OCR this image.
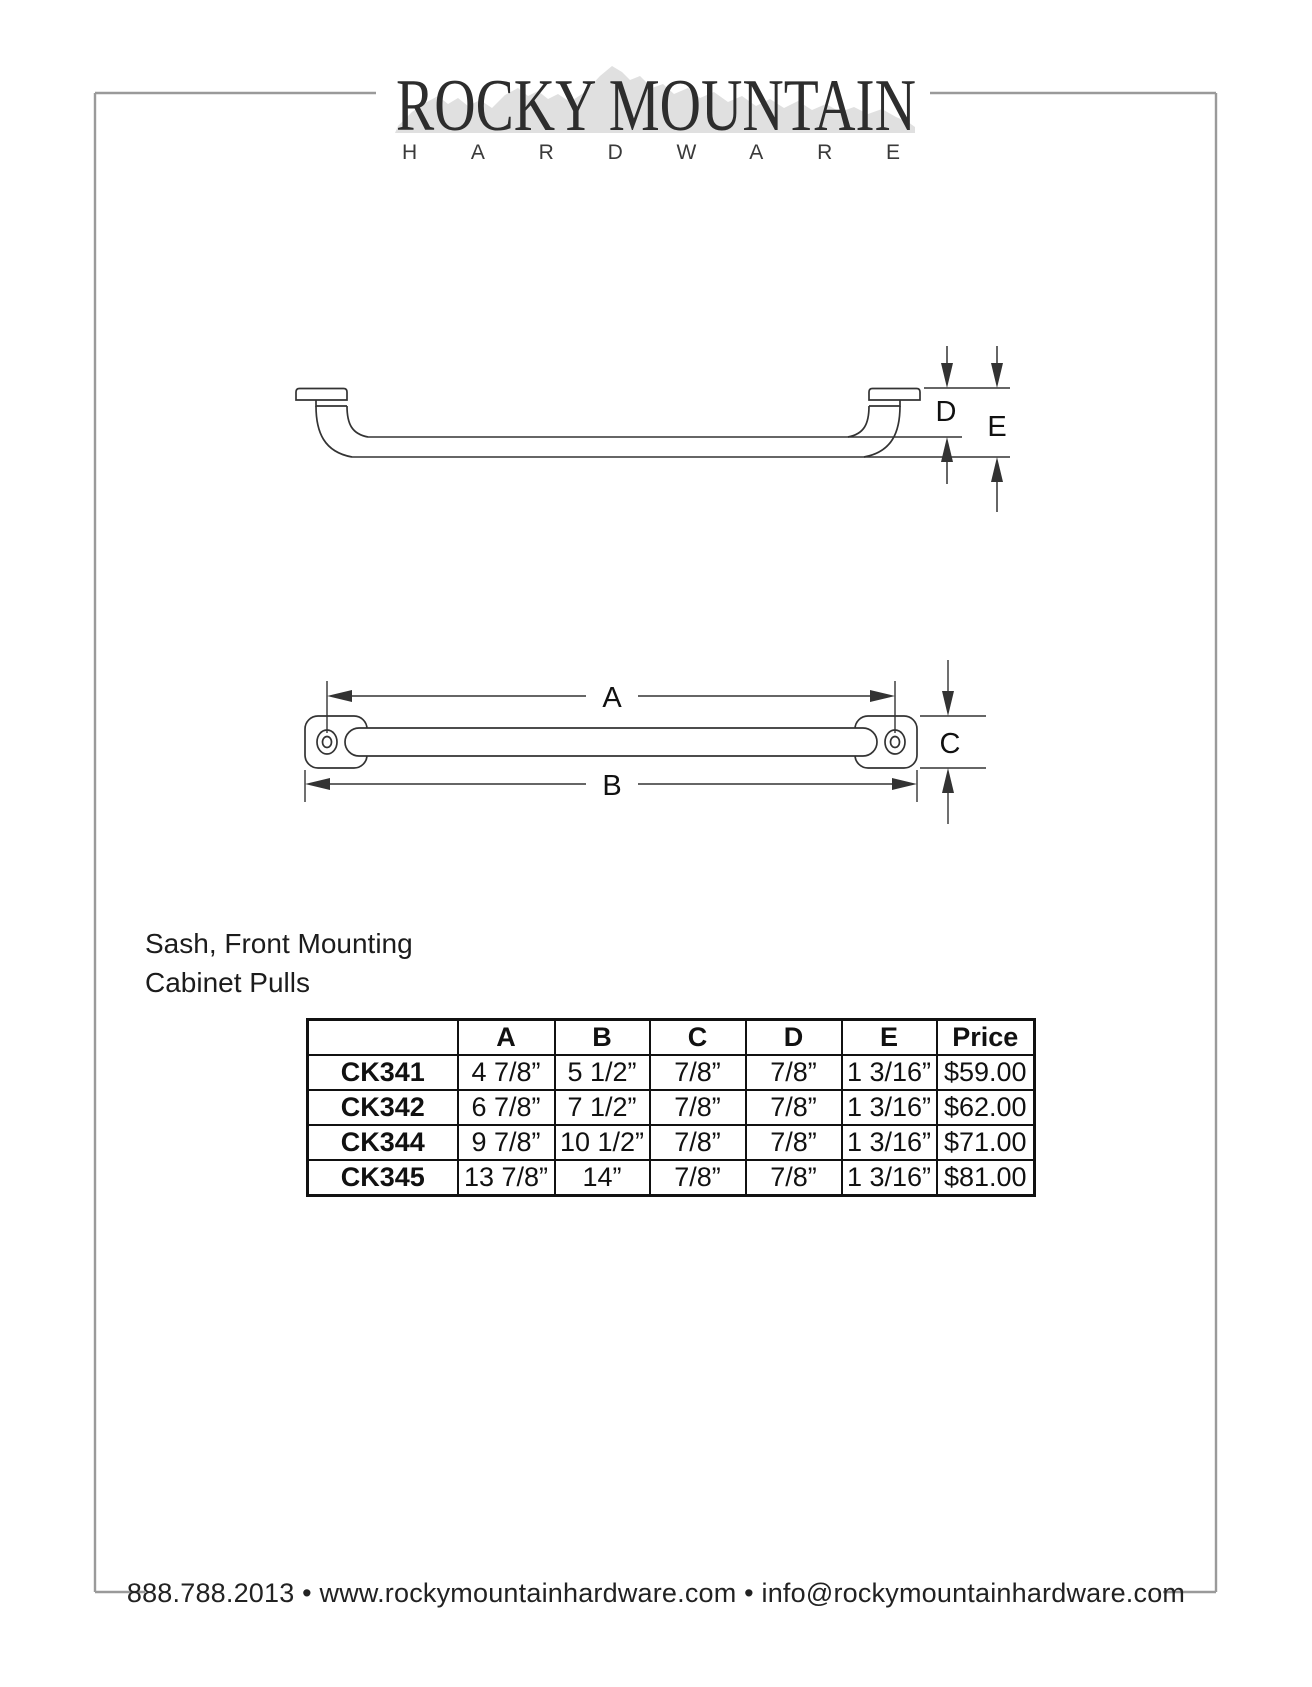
ROCKY MOUNTAIN
HARDWARE
D E
A
B
C
Sash, Front Mounting
Cabinet Pulls
	A	B	C	D	E	Price
CK341	4 7/8”	5 1/2”	7/8”	7/8”	1 3/16”	$59.00
CK342	6 7/8”	7 1/2”	7/8”	7/8”	1 3/16”	$62.00
CK344	9 7/8”	10 1/2”	7/8”	7/8”	1 3/16”	$71.00
CK345	13 7/8”	14”	7/8”	7/8”	1 3/16”	$81.00
888.788.2013 • www.rockymountainhardware.com • info@rockymountainhardware.com
